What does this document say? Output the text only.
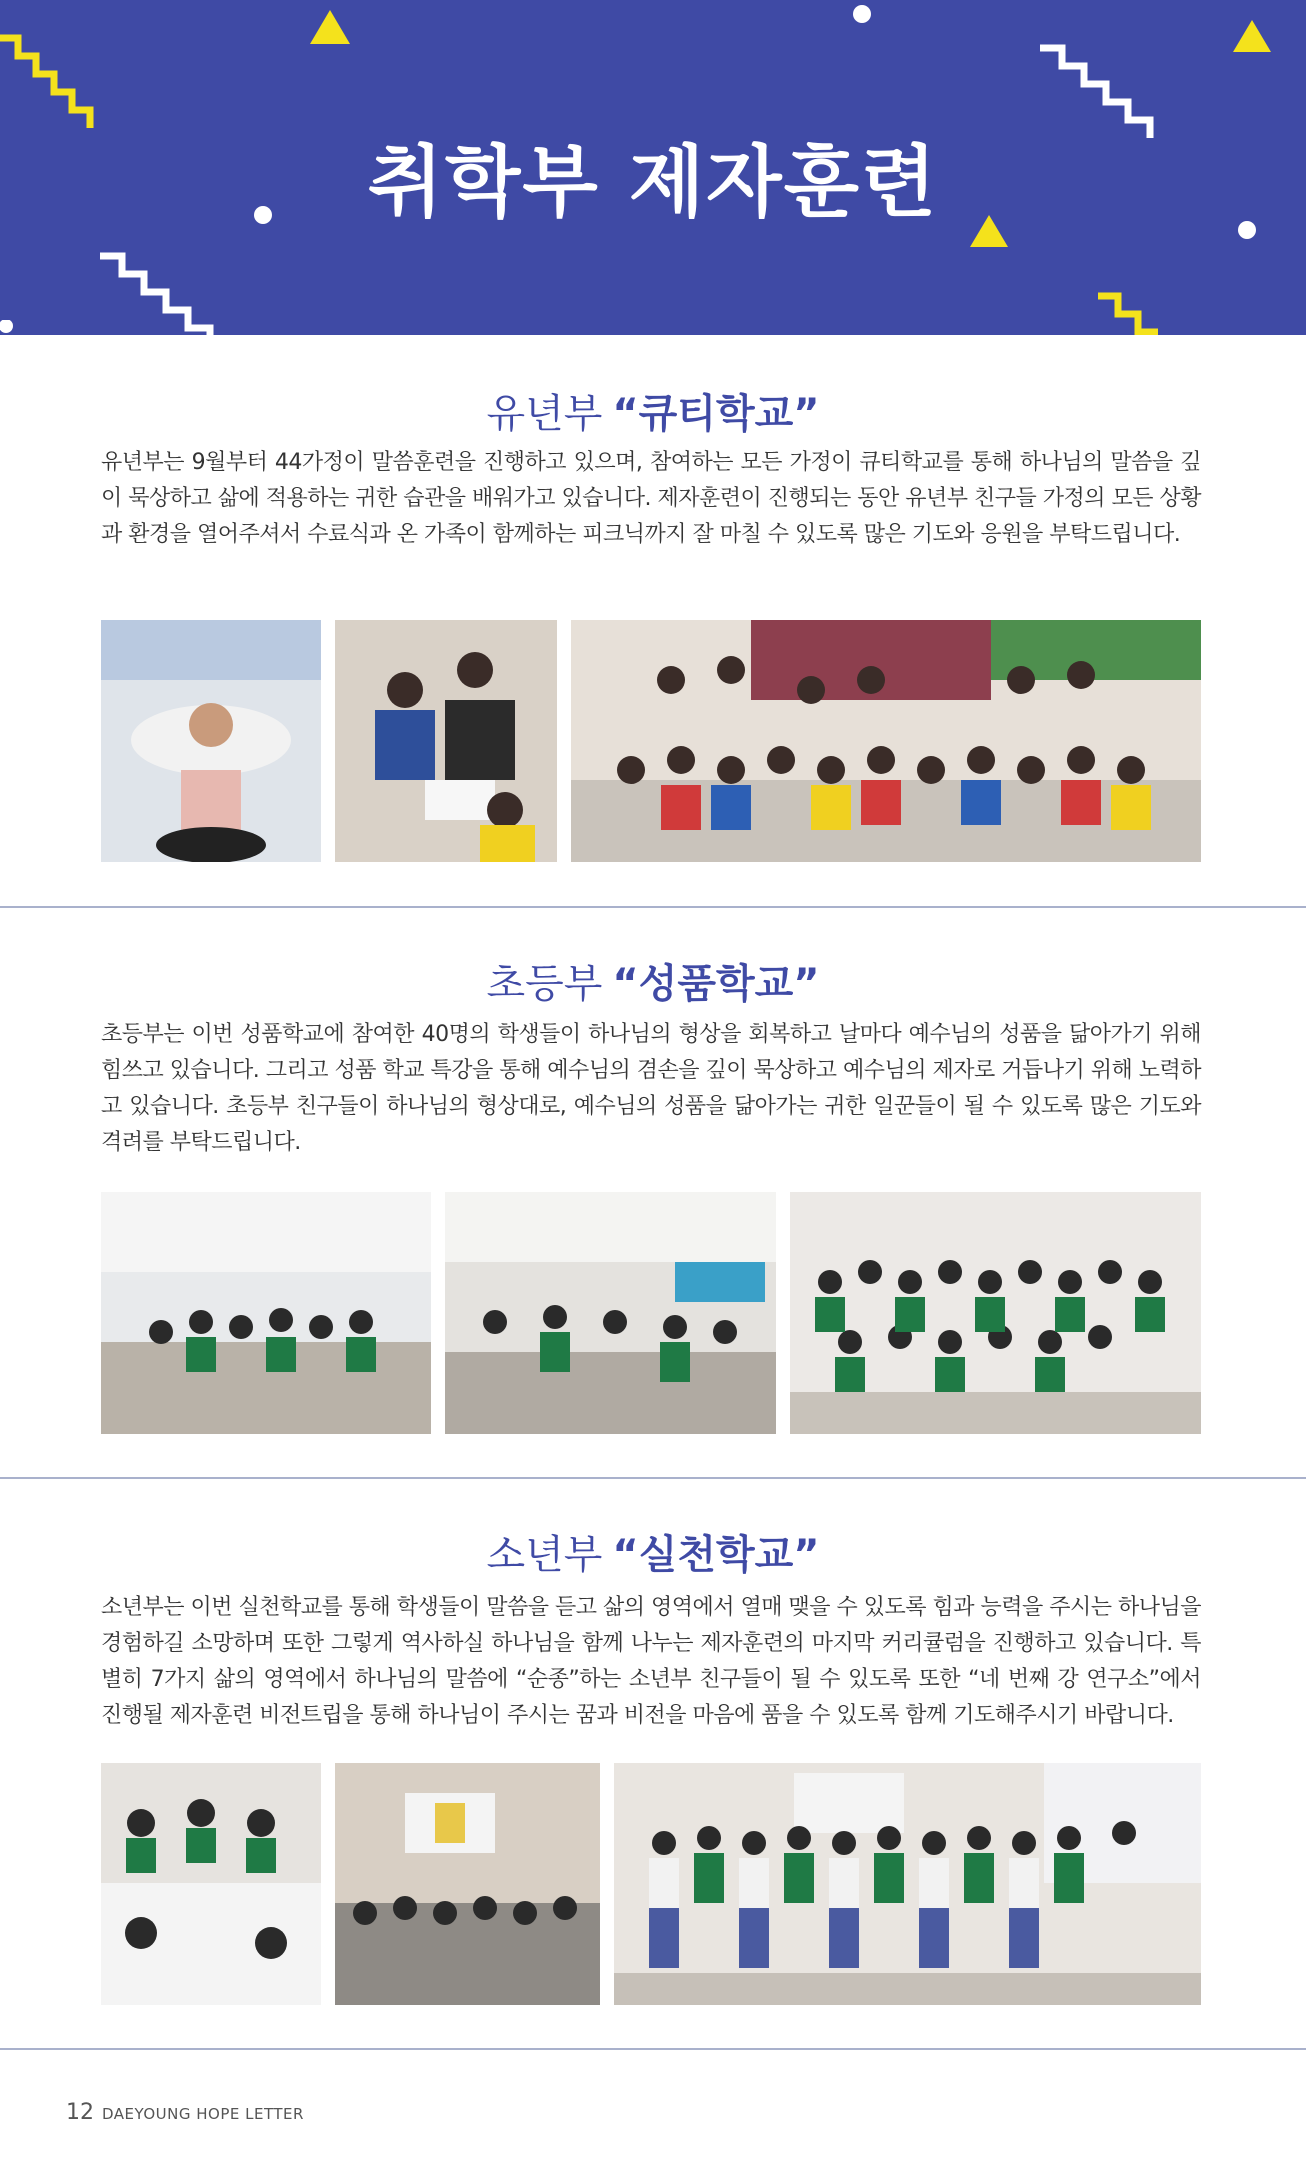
취학부 제자훈련
유년부 “큐티학교”
유년부는 9월부터 44가정이 말씀훈련을 진행하고 있으며, 참여하는 모든 가정이 큐티학교를 통해 하나님의 말씀을 깊이 묵상하고 삶에 적용하는 귀한 습관을 배워가고 있습니다. 제자훈련이 진행되는 동안 유년부 친구들 가정의 모든 상황과 환경을 열어주셔서 수료식과 온 가족이 함께하는 피크닉까지 잘 마칠 수 있도록 많은 기도와 응원을 부탁드립니다.
초등부 “성품학교”
초등부는 이번 성품학교에 참여한 40명의 학생들이 하나님의 형상을 회복하고 날마다 예수님의 성품을 닮아가기 위해 힘쓰고 있습니다. 그리고 성품 학교 특강을 통해 예수님의 겸손을 깊이 묵상하고 예수님의 제자로 거듭나기 위해 노력하고 있습니다. 초등부 친구들이 하나님의 형상대로, 예수님의 성품을 닮아가는 귀한 일꾼들이 될 수 있도록 많은 기도와 격려를 부탁드립니다.
소년부 “실천학교”
소년부는 이번 실천학교를 통해 학생들이 말씀을 듣고 삶의 영역에서 열매 맺을 수 있도록 힘과 능력을 주시는 하나님을 경험하길 소망하며 또한 그렇게 역사하실 하나님을 함께 나누는 제자훈련의 마지막 커리큘럼을 진행하고 있습니다. 특별히 7가지 삶의 영역에서 하나님의 말씀에 “순종”하는 소년부 친구들이 될 수 있도록 또한 “네 번째 강 연구소”에서 진행될 제자훈련 비전트립을 통해 하나님이 주시는 꿈과 비전을 마음에 품을 수 있도록 함께 기도해주시기 바랍니다.
12 DAEYOUNG HOPE LETTER
